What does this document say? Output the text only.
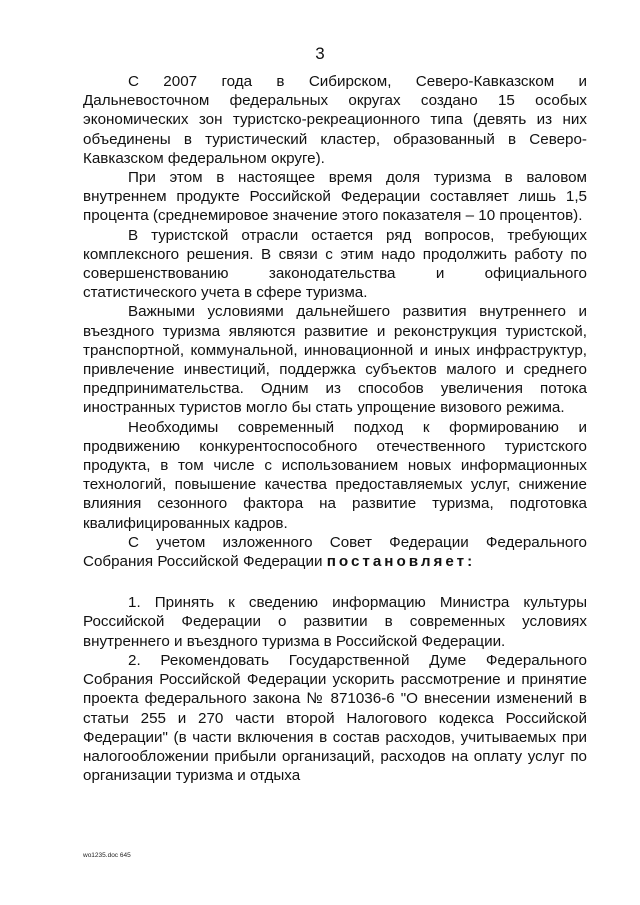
3

С 2007 года в Сибирском, Северо-Кавказском и Дальневосточном федеральных округах создано 15 особых экономических зон туристско-рекреационного типа (девять из них объединены в туристический кластер, образованный в Северо-Кавказском федеральном округе).

При этом в настоящее время доля туризма в валовом внутреннем продукте Российской Федерации составляет лишь 1,5 процента (среднемировое значение этого показателя – 10 процентов).

В туристской отрасли остается ряд вопросов, требующих комплексного решения. В связи с этим надо продолжить работу по совершенствованию законодательства и официального статистического учета в сфере туризма.

Важными условиями дальнейшего развития внутреннего и въездного туризма являются развитие и реконструкция туристской, транспортной, коммунальной, инновационной и иных инфраструктур, привлечение инвестиций, поддержка субъектов малого и среднего предпринимательства. Одним из способов увеличения потока иностранных туристов могло бы стать упрощение визового режима.

Необходимы современный подход к формированию и продвижению конкурентоспособного отечественного туристского продукта, в том числе с использованием новых информационных технологий, повышение качества предоставляемых услуг, снижение влияния сезонного фактора на развитие туризма, подготовка квалифицированных кадров.

С учетом изложенного Совет Федерации Федерального Собрания Российской Федерации постановляет:

1. Принять к сведению информацию Министра культуры Российской Федерации о развитии в современных условиях внутреннего и въездного туризма в Российской Федерации.

2. Рекомендовать Государственной Думе Федерального Собрания Российской Федерации ускорить рассмотрение и принятие проекта федерального закона № 871036-6 "О внесении изменений в статьи 255 и 270 части второй Налогового кодекса Российской Федерации" (в части включения в состав расходов, учитываемых при налогообложении прибыли организаций, расходов на оплату услуг по организации туризма и отдыха

wo1235.doc 645
